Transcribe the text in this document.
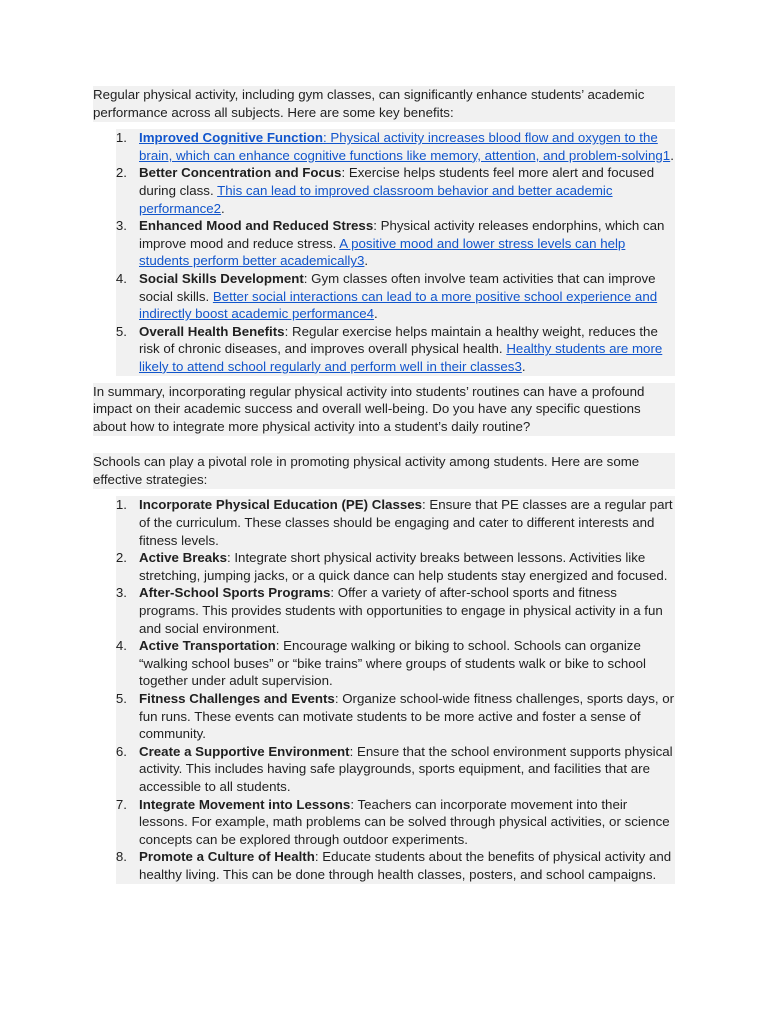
Regular physical activity, including gym classes, can significantly enhance students’ academic performance across all subjects. Here are some key benefits:

1. Improved Cognitive Function: Physical activity increases blood flow and oxygen to the brain, which can enhance cognitive functions like memory, attention, and problem-solving1.
2. Better Concentration and Focus: Exercise helps students feel more alert and focused during class. This can lead to improved classroom behavior and better academic performance2.
3. Enhanced Mood and Reduced Stress: Physical activity releases endorphins, which can improve mood and reduce stress. A positive mood and lower stress levels can help students perform better academically3.
4. Social Skills Development: Gym classes often involve team activities that can improve social skills. Better social interactions can lead to a more positive school experience and indirectly boost academic performance4.
5. Overall Health Benefits: Regular exercise helps maintain a healthy weight, reduces the risk of chronic diseases, and improves overall physical health. Healthy students are more likely to attend school regularly and perform well in their classes3.

In summary, incorporating regular physical activity into students’ routines can have a profound impact on their academic success and overall well-being. Do you have any specific questions about how to integrate more physical activity into a student’s daily routine?

Schools can play a pivotal role in promoting physical activity among students. Here are some effective strategies:

1. Incorporate Physical Education (PE) Classes: Ensure that PE classes are a regular part of the curriculum. These classes should be engaging and cater to different interests and fitness levels.
2. Active Breaks: Integrate short physical activity breaks between lessons. Activities like stretching, jumping jacks, or a quick dance can help students stay energized and focused.
3. After-School Sports Programs: Offer a variety of after-school sports and fitness programs. This provides students with opportunities to engage in physical activity in a fun and social environment.
4. Active Transportation: Encourage walking or biking to school. Schools can organize “walking school buses” or “bike trains” where groups of students walk or bike to school together under adult supervision.
5. Fitness Challenges and Events: Organize school-wide fitness challenges, sports days, or fun runs. These events can motivate students to be more active and foster a sense of community.
6. Create a Supportive Environment: Ensure that the school environment supports physical activity. This includes having safe playgrounds, sports equipment, and facilities that are accessible to all students.
7. Integrate Movement into Lessons: Teachers can incorporate movement into their lessons. For example, math problems can be solved through physical activities, or science concepts can be explored through outdoor experiments.
8. Promote a Culture of Health: Educate students about the benefits of physical activity and healthy living. This can be done through health classes, posters, and school campaigns.
